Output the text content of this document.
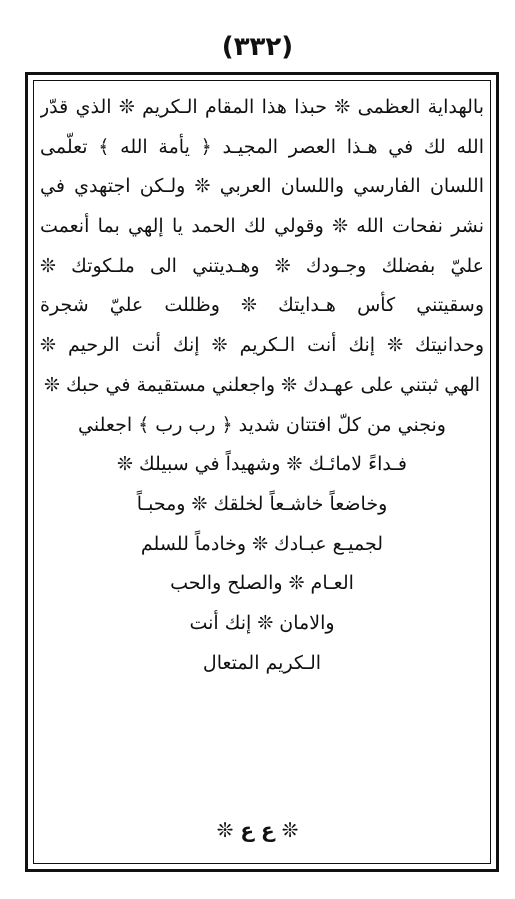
(٣٣٢)
بالهداية العظمى ❊ حبذا هذا المقام الـكريم ❊ الذي قدّر
الله لك في هـذا العصر المجيـد ﴿ يأمة الله ﴾ تعلّمى
اللسان الفارسي واللسان العربي ❊ ولـكن اجتهدي في
نشر نفحات الله ❊ وقولي لك الحمد يا إلهي بما أنعمت
عليّ بفضلك وجـودك ❊ وهـديتني الى ملـكوتك ❊
وسقيتني كأس هـدايتك ❊ وظللت عليّ شجرة
وحدانيتك ❊ إنك أنت الـكريم ❊ إنك أنت الرحيم ❊
الهي ثبتني على عهـدك ❊ واجعلني مستقيمة في حبك ❊
ونجني من كلّ افتتان شديد ﴿ رب رب ﴾ اجعلني
فـداءً لامائـك ❊ وشهيداً في سبيلك ❊
وخاضعاً خاشـعاً لخلقك ❊ ومحبـاً
لجميـع عبـادك ❊ وخادماً للسلم
العـام ❊ والصلح والحب
والامان ❊ إنك أنت
الـكريم المتعال
❊ ع ع ❊
